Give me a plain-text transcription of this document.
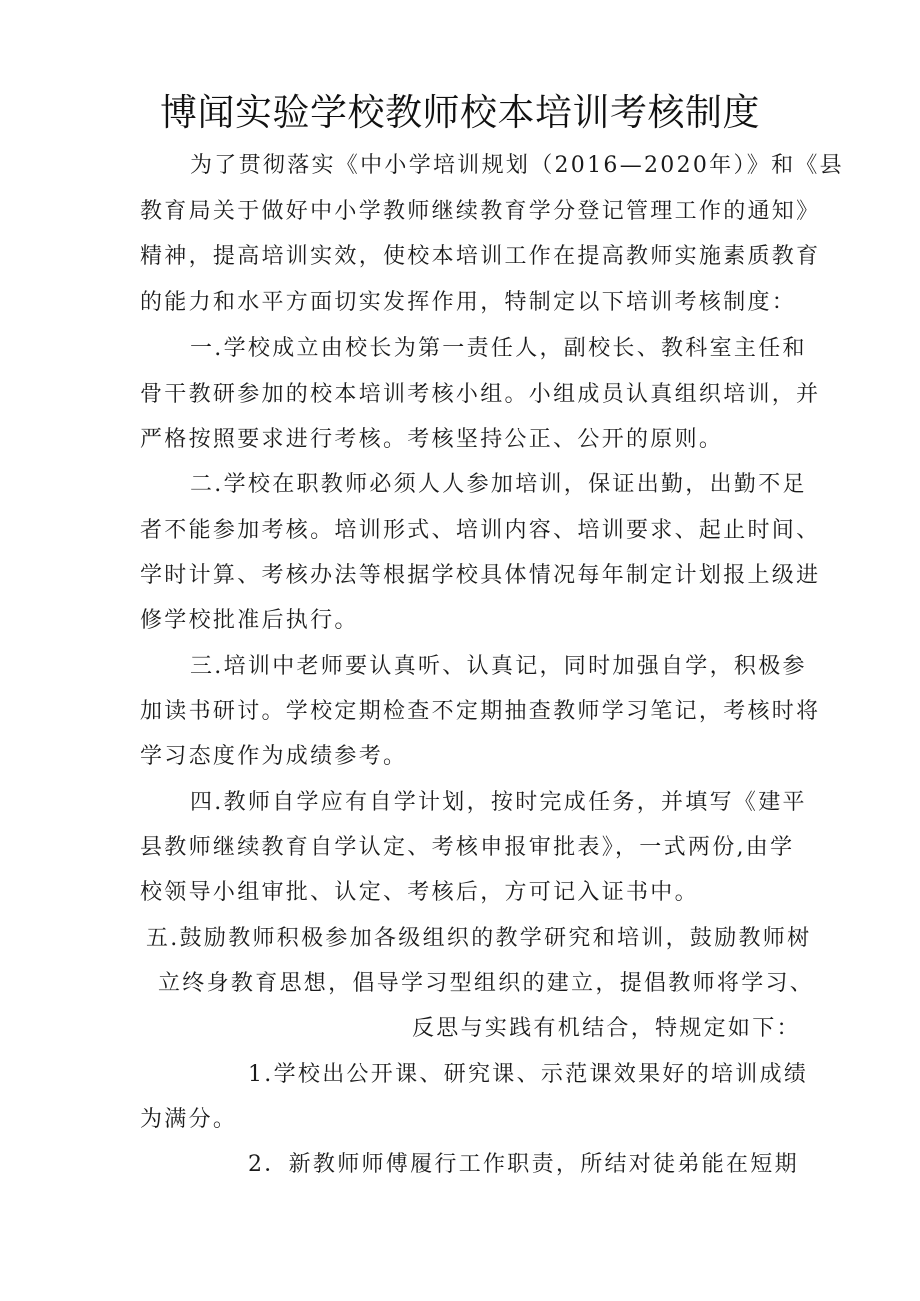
博闻实验学校教师校本培训考核制度
为了贯彻落实《中小学培训规划（2016—2020年）》和《县
教育局关于做好中小学教师继续教育学分登记管理工作的通知》
精神，提高培训实效，使校本培训工作在提高教师实施素质教育
的能力和水平方面切实发挥作用，特制定以下培训考核制度：
一.学校成立由校长为第一责任人，副校长、教科室主任和
骨干教研参加的校本培训考核小组。小组成员认真组织培训，并
严格按照要求进行考核。考核坚持公正、公开的原则。
二.学校在职教师必须人人参加培训，保证出勤，出勤不足
者不能参加考核。培训形式、培训内容、培训要求、起止时间、
学时计算、考核办法等根据学校具体情况每年制定计划报上级进
修学校批准后执行。
三.培训中老师要认真听、认真记，同时加强自学，积极参
加读书研讨。学校定期检查不定期抽查教师学习笔记，考核时将
学习态度作为成绩参考。
四.教师自学应有自学计划，按时完成任务，并填写《建平
县教师继续教育自学认定、考核申报审批表》，一式两份,由学
校领导小组审批、认定、考核后，方可记入证书中。
五.鼓励教师积极参加各级组织的教学研究和培训，鼓励教师树
立终身教育思想，倡导学习型组织的建立，提倡教师将学习、
反思与实践有机结合，特规定如下：
1.学校出公开课、研究课、示范课效果好的培训成绩
为满分。
2．新教师师傅履行工作职责，所结对徒弟能在短期
